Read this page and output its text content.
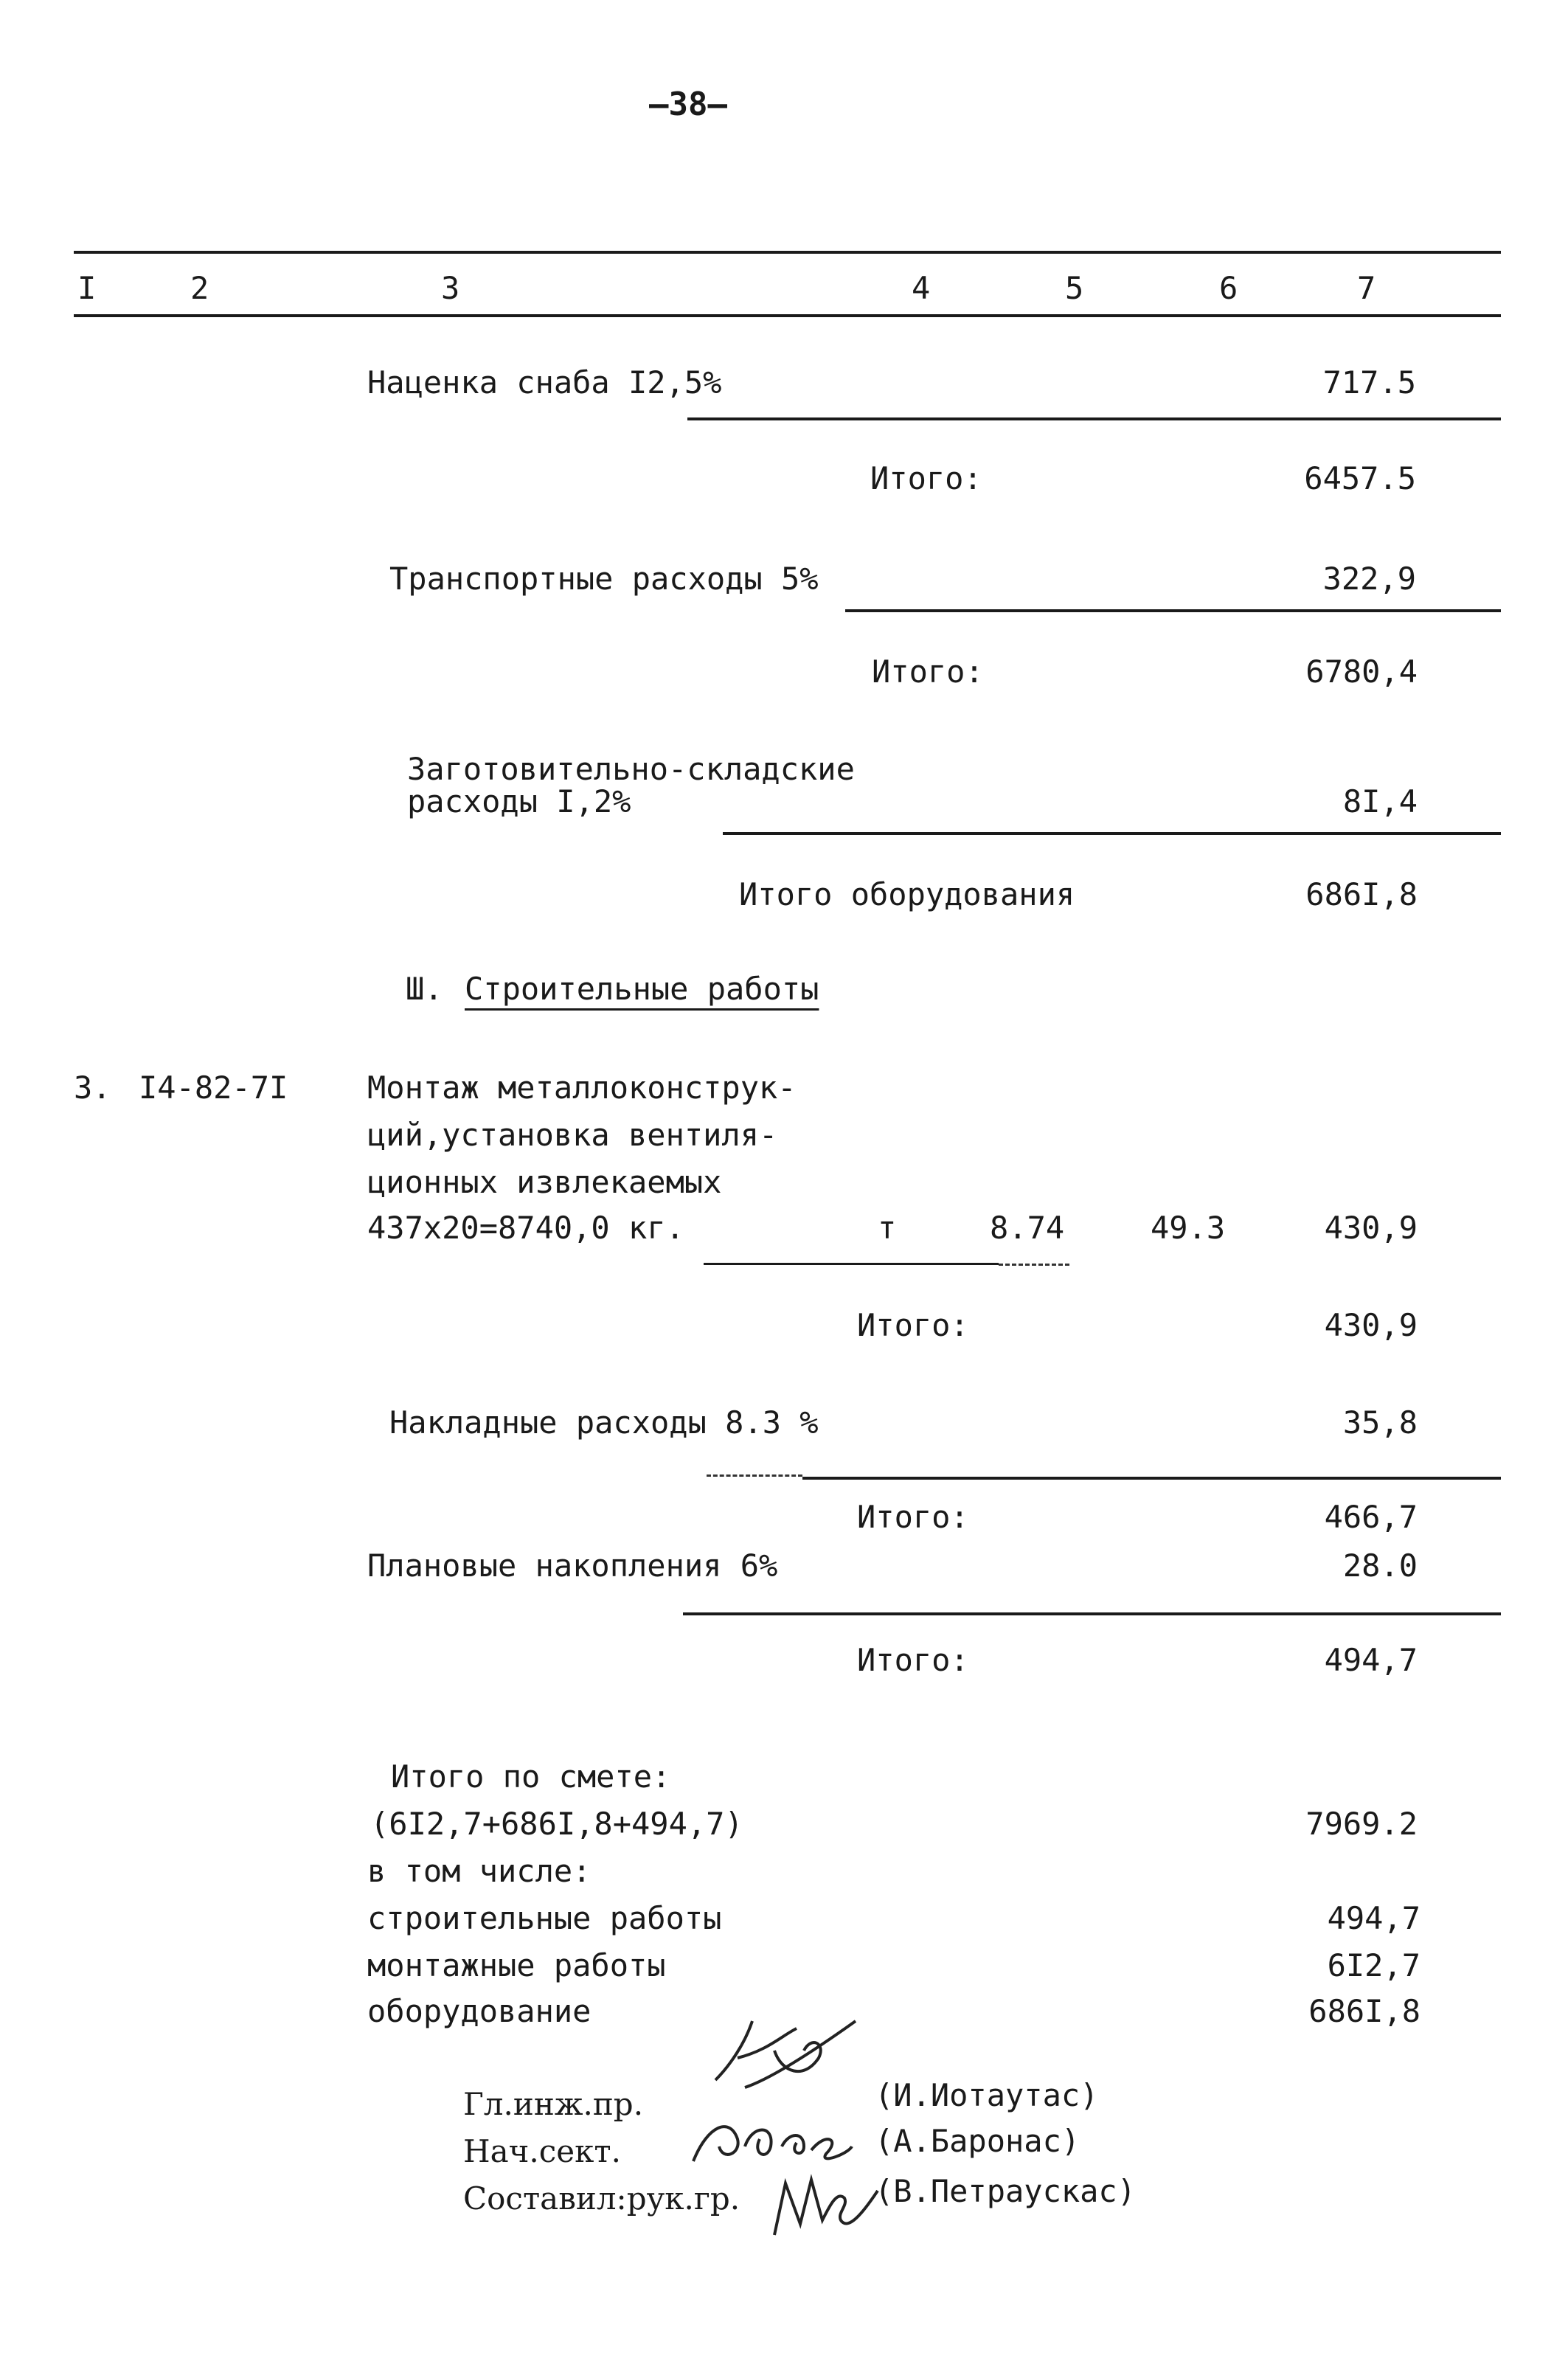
—38—
I	2	3	4	5	6	7
Наценка снаба I2,5%	717.5
Итого:	6457.5
Транспортные расходы 5%	322,9
Итого:	6780,4
Заготовительно-складские
расходы I,2%	8I,4
Итого оборудования	686I,8
Ш. Строительные работы
3. I4-82-7I	Монтаж металлоконструк-
ций,установка вентиля-
ционных извлекаемых
437х20=8740,0 кг.	т	8.74	49.3	430,9
Итого:	430,9
Накладные расходы 8.3 %	35,8
Итого:	466,7
Плановые накопления 6%	28.0
Итого:	494,7
Итого по смете:
(6I2,7+686I,8+494,7)	7969.2
в том числе:
строительные работы	494,7
монтажные работы	6I2,7
оборудование	686I,8
Гл.инж.пр.	(И.Иотаутас)
Нач.сект.	(А.Баронас)
Составил:рук.гр.	(В.Петраускас)
